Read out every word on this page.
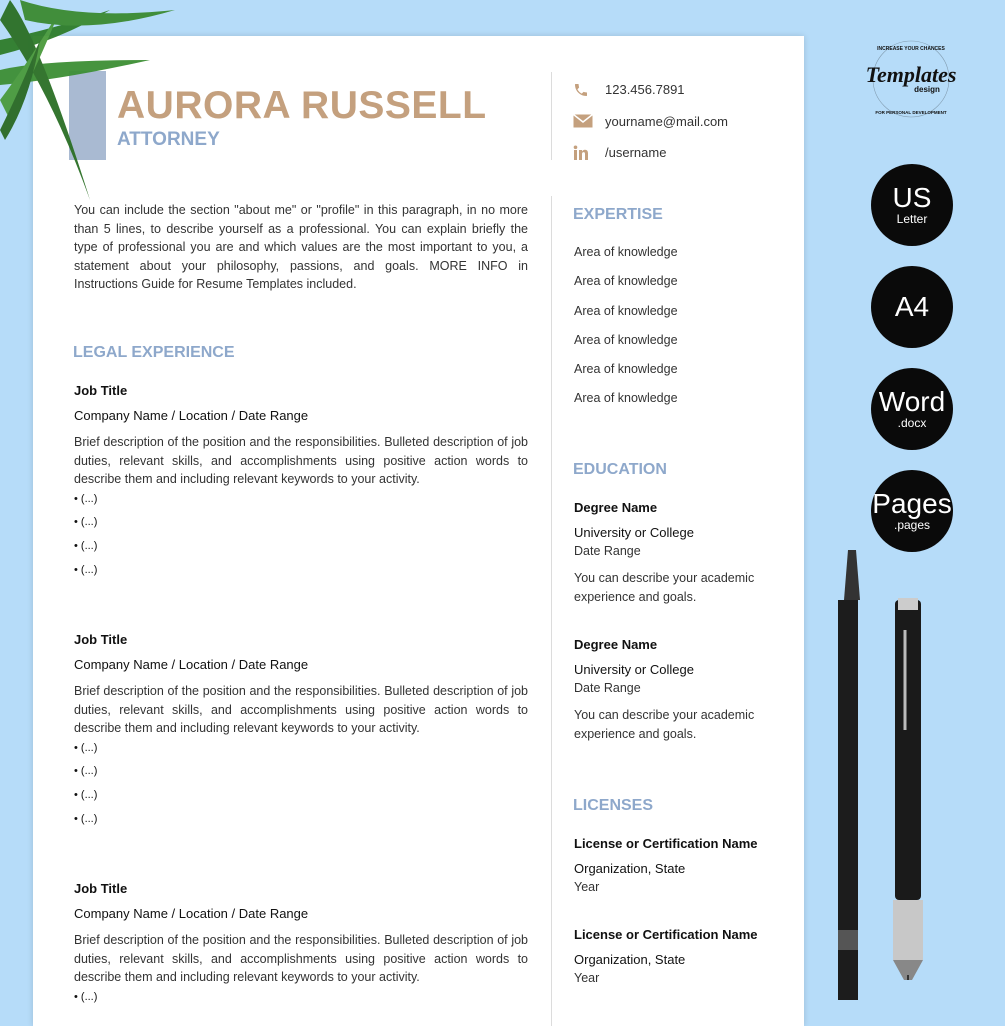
AURORA RUSSELL
ATTORNEY
123.456.7891
yourname@mail.com
/username
You can include the section "about me" or "profile" in this paragraph, in no more than 5 lines, to describe yourself as a professional. You can explain briefly the type of professional you are and which values are the most important to you, a statement about your philosophy, passions, and goals. MORE INFO in Instructions Guide for Resume Templates included.
LEGAL EXPERIENCE
Job Title
Company Name / Location / Date Range
Brief description of the position and the responsibilities. Bulleted description of job duties, relevant skills, and accomplishments using positive action words to describe them and including relevant keywords to your activity.
• (...)
• (...)
• (...)
• (...)
Job Title
Company Name / Location / Date Range
Brief description of the position and the responsibilities. Bulleted description of job duties, relevant skills, and accomplishments using positive action words to describe them and including relevant keywords to your activity.
• (...)
• (...)
• (...)
• (...)
Job Title
Company Name / Location / Date Range
Brief description of the position and the responsibilities. Bulleted description of job duties, relevant skills, and accomplishments using positive action words to describe them and including relevant keywords to your activity.
• (...)
EXPERTISE
Area of knowledge
Area of knowledge
Area of knowledge
Area of knowledge
Area of knowledge
Area of knowledge
EDUCATION
Degree Name
University or College
Date Range
You can describe your academic experience and goals.
Degree Name
University or College
Date Range
You can describe your academic experience and goals.
LICENSES
License or Certification Name
Organization, State
Year
License or Certification Name
Organization, State
Year
INCREASE YOUR CHANCES
Templates
design
FOR PERSONAL DEVELOPMENT
US
Letter
A4
Word
.docx
Pages
.pages
